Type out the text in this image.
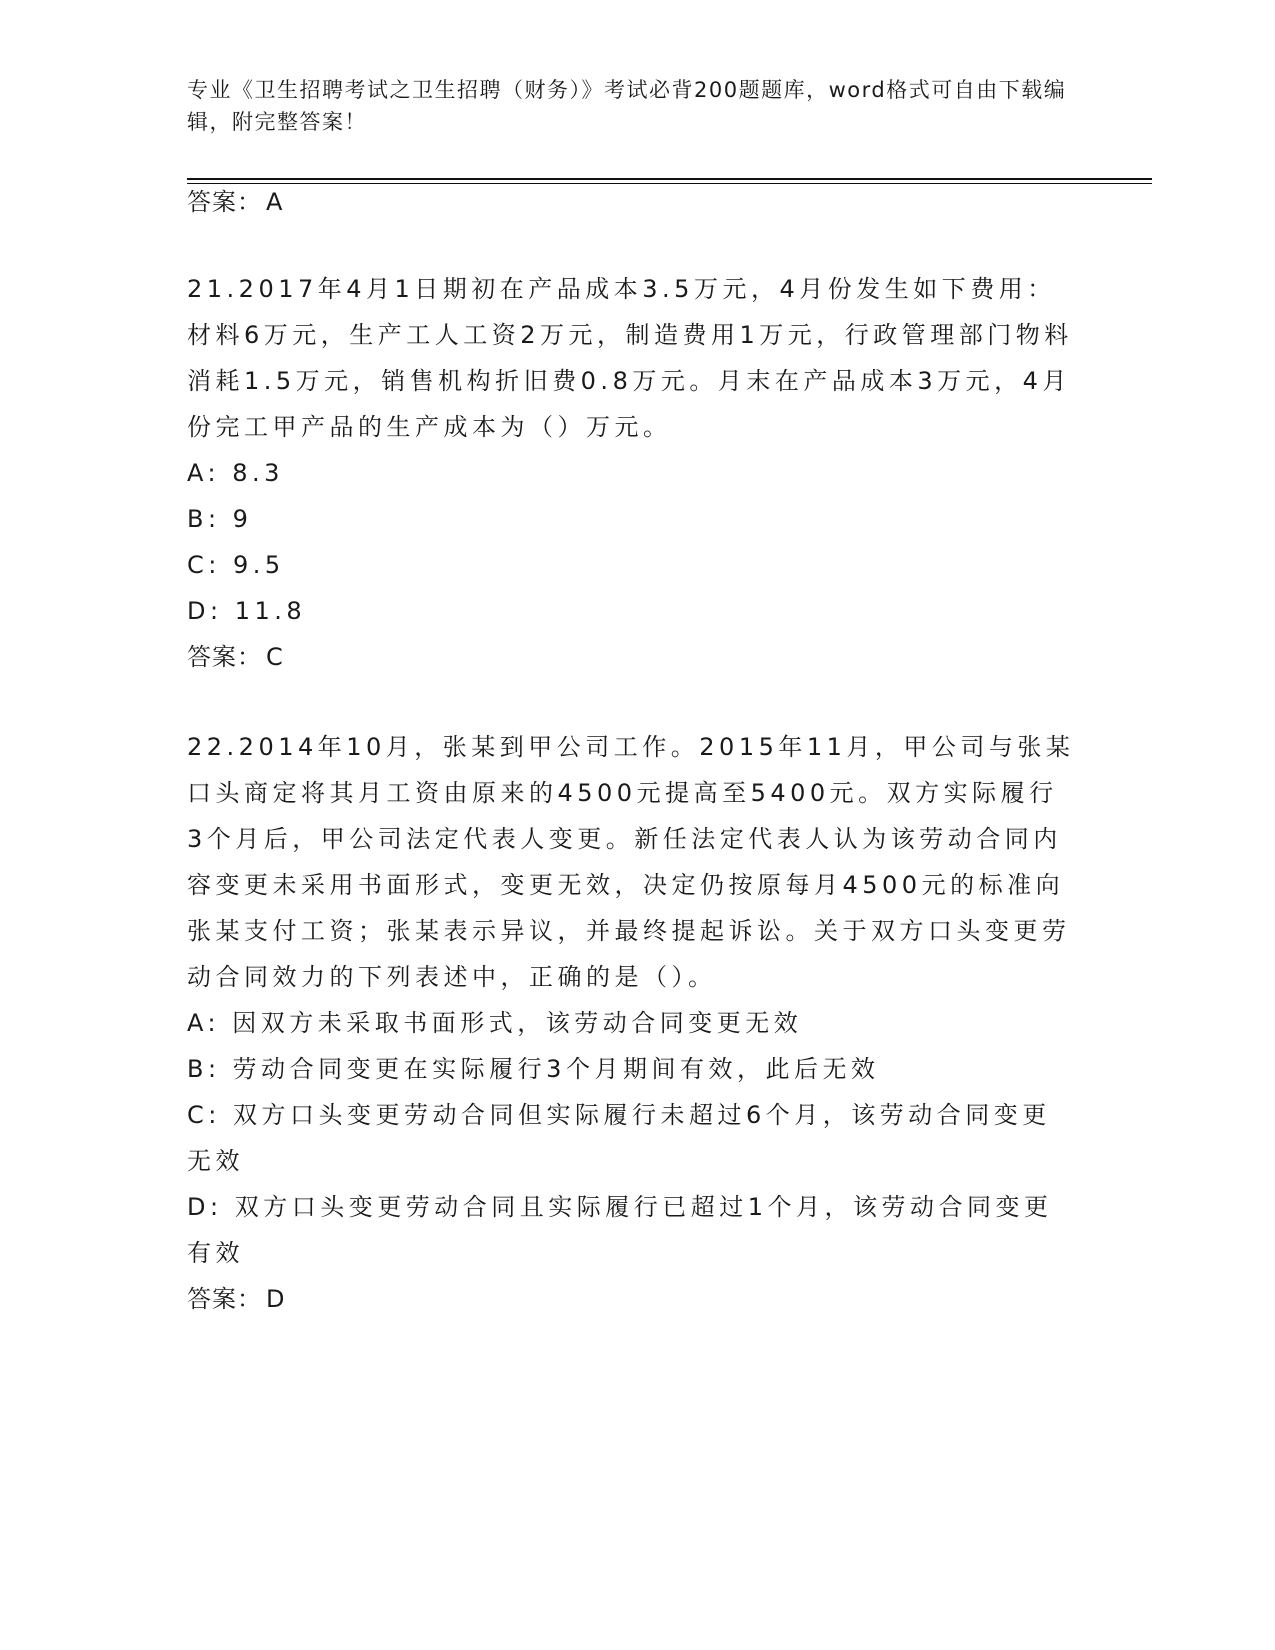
专业《卫生招聘考试之卫生招聘（财务）》考试必背200题题库，word格式可自由下载编辑，附完整答案！
答案： A

21.2017年4月1日期初在产品成本3.5万元，4月份发生如下费用：材料6万元，生产工人工资2万元，制造费用1万元，行政管理部门物料消耗1.5万元，销售机构折旧费0.8万元。月末在产品成本3万元，4月份完工甲产品的生产成本为（）万元。

A: 8.3

B: 9

C: 9.5

D: 11.8

答案： C

22.2014年10月，张某到甲公司工作。2015年11月，甲公司与张某口头商定将其月工资由原来的4500元提高至5400元。双方实际履行3个月后，甲公司法定代表人变更。新任法定代表人认为该劳动合同内容变更未采用书面形式，变更无效，决定仍按原每月4500元的标准向张某支付工资；张某表示异议，并最终提起诉讼。关于双方口头变更劳动合同效力的下列表述中，正确的是（）。

A: 因双方未采取书面形式，该劳动合同变更无效

B: 劳动合同变更在实际履行3个月期间有效，此后无效

C: 双方口头变更劳动合同但实际履行未超过6个月，该劳动合同变更无效

D: 双方口头变更劳动合同且实际履行已超过1个月，该劳动合同变更有效

答案： D
